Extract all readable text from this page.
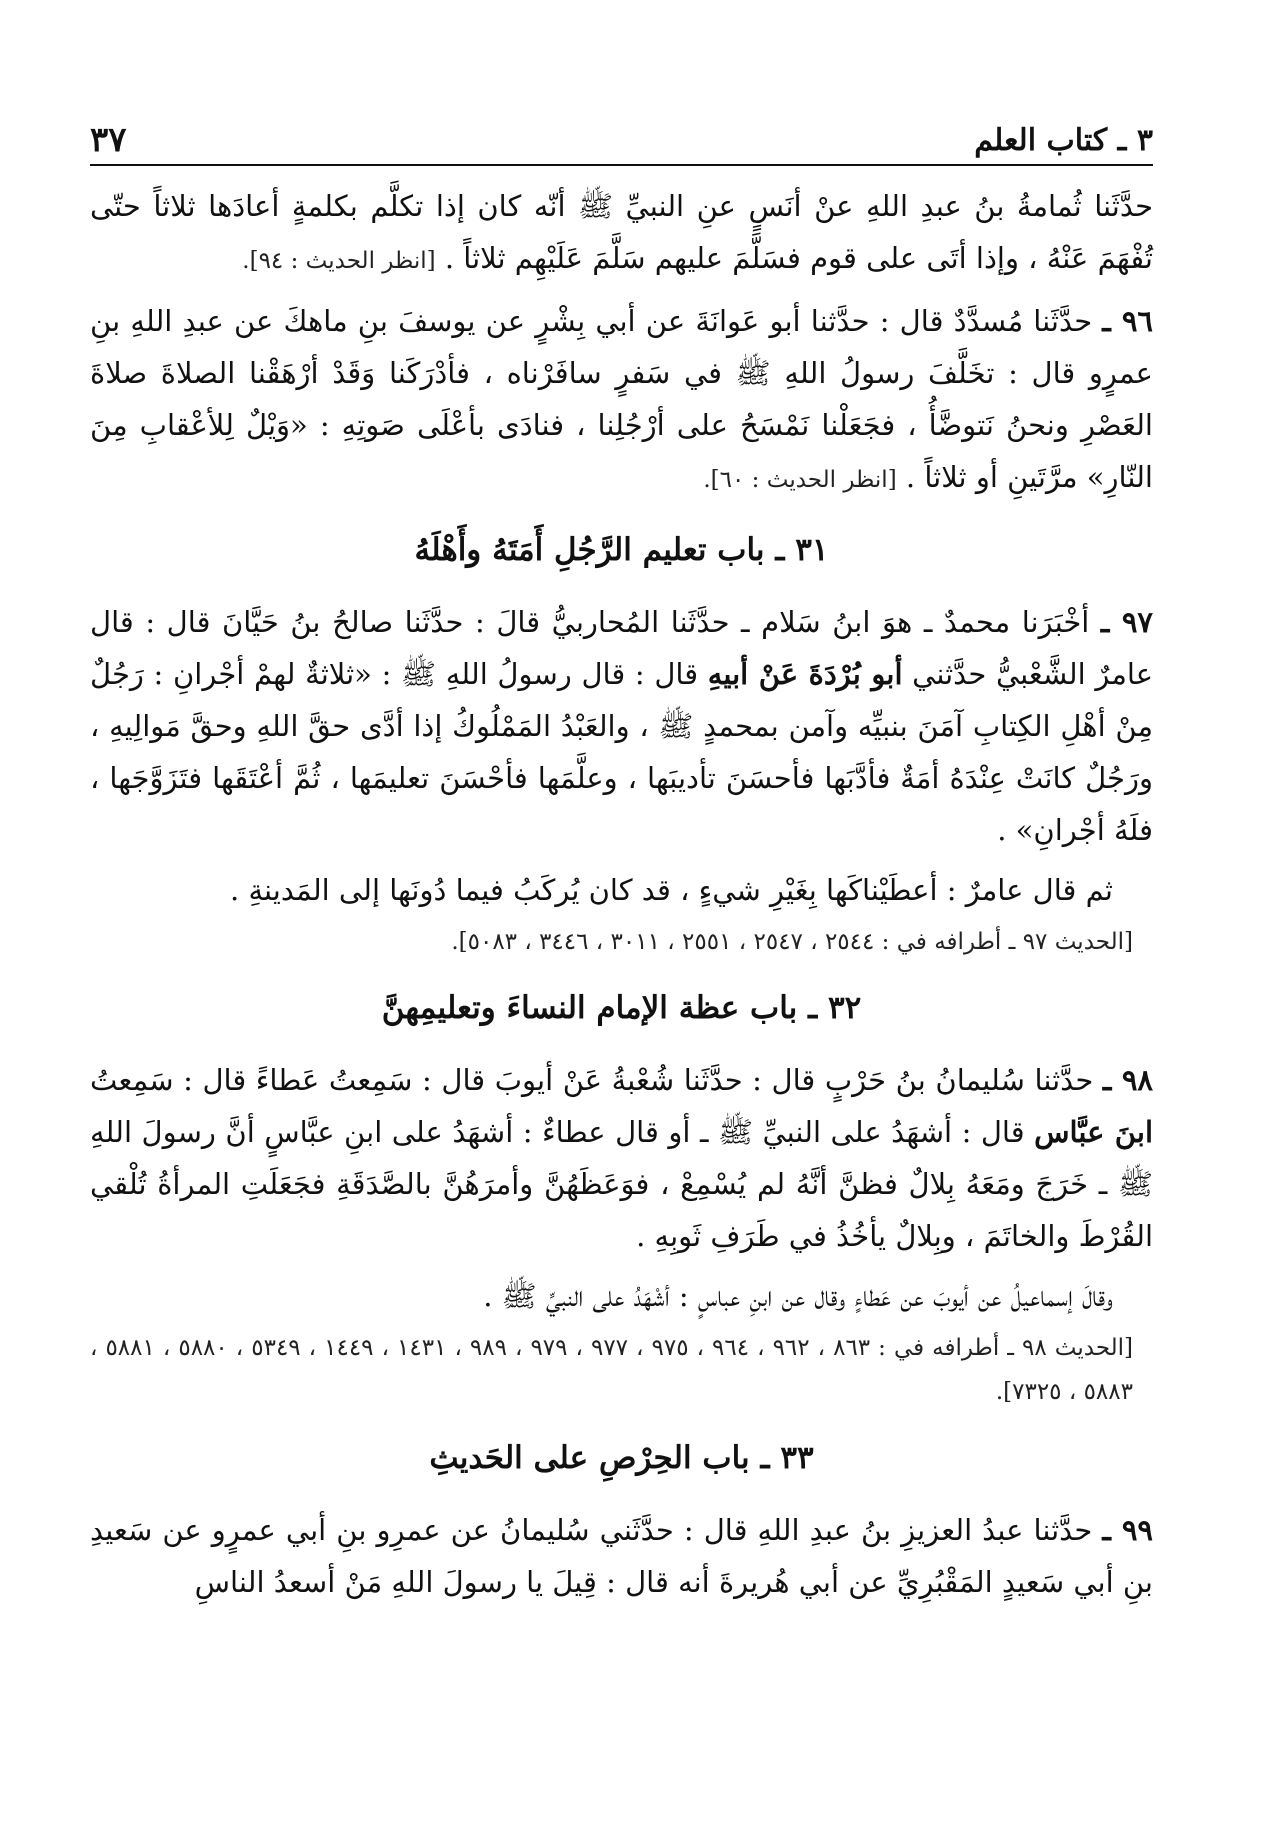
٣ ـ كتاب العلم
٣٧

حدَّثَنا ثُمامةُ بنُ عبدِ اللهِ عنْ أنَسٍ عنِ النبيِّ ﷺ أنّه كان إذا تكلَّم بكلمةٍ أعادَها ثلاثاً حتّى تُفْهَمَ عَنْهُ ، وإذا أتَى على قوم فسَلَّمَ عليهم سَلَّمَ عَلَيْهِم ثلاثاً . [انظر الحديث : ٩٤].

٩٦ ـ حدَّثَنا مُسدَّدٌ قال : حدَّثنا أبو عَوانَةَ عن أبي بِشْرٍ عن يوسفَ بنِ ماهكَ عن عبدِ اللهِ بنِ عمرٍو قال : تخَلَّفَ رسولُ اللهِ ﷺ في سَفرٍ سافَرْناه ، فأدْرَكَنا وَقَدْ أرْهَقْنا الصلاةَ صلاةَ العَصْرِ ونحنُ نَتوضَّأُ ، فجَعَلْنا نَمْسَحُ على أرْجُلِنا ، فنادَى بأعْلَى صَوتِهِ : «وَيْلٌ لِلأعْقابِ مِنَ النّارِ» مرَّتَينِ أو ثلاثاً . [انظر الحديث : ٦٠].

٣١ ـ باب تعليم الرَّجُلِ أَمَتَهُ وأَهْلَهُ

٩٧ ـ أخْبَرَنا محمدٌ ـ هوَ ابنُ سَلام ـ حدَّثَنا المُحاربيُّ قالَ : حدَّثَنا صالحُ بنُ حَيَّانَ قال : قال عامرٌ الشَّعْبيُّ حدَّثني أبو بُرْدَةَ عَنْ أبيهِ قال : قال رسولُ اللهِ ﷺ : «ثلاثةٌ لهمْ أجْرانِ : رَجُلٌ مِنْ أهْلِ الكِتابِ آمَنَ بنبيِّه وآمن بمحمدٍ ﷺ ، والعَبْدُ المَمْلُوكُ إذا أدَّى حقَّ اللهِ وحقَّ مَوالِيهِ ، ورَجُلٌ كانَتْ عِنْدَهُ أمَةٌ فأدَّبَها فأحسَنَ تأديبَها ، وعلَّمَها فأحْسَنَ تعليمَها ، ثُمَّ أعْتَقَها فتَزَوَّجَها ، فلَهُ أجْرانِ» .

ثم قال عامرٌ : أعطَيْناكَها بِغَيْرِ شيءٍ ، قد كان يُركَبُ فيما دُونَها إلى المَدينةِ .

[الحديث ٩٧ ـ أطرافه في : ٢٥٤٤ ، ٢٥٤٧ ، ٢٥٥١ ، ٣٠١١ ، ٣٤٤٦ ، ٥٠٨٣].

٣٢ ـ باب عظة الإمام النساءَ وتعليمِهنَّ

٩٨ ـ حدَّثنا سُليمانُ بنُ حَرْبٍ قال : حدَّثَنا شُعْبةُ عَنْ أيوبَ قال : سَمِعتُ عَطاءً قال : سَمِعتُ ابنَ عبَّاس قال : أشهَدُ على النبيِّ ﷺ ـ أو قال عطاءٌ : أشهَدُ على ابنِ عبَّاسٍ أنَّ رسولَ اللهِ ﷺ ـ خَرَجَ ومَعَهُ بِلالٌ فظنَّ أنَّهُ لم يُسْمِعْ ، فوَعَظَهُنَّ وأمرَهُنَّ بالصَّدَقَةِ فجَعَلَتِ المرأةُ تُلْقي القُرْطَ والخاتَمَ ، وبِلالٌ يأخُذُ في طَرَفِ ثَوبِهِ .

وقالَ إسماعيلُ عن أيوبَ عن عَطاءٍ وقال عن ابنِ عباسٍ : أشْهَدُ على النبيِّ ﷺ .

[الحديث ٩٨ ـ أطرافه في : ٨٦٣ ، ٩٦٢ ، ٩٦٤ ، ٩٧٥ ، ٩٧٧ ، ٩٧٩ ، ٩٨٩ ، ١٤٣١ ، ١٤٤٩ ، ٥٣٤٩ ، ٥٨٨٠ ، ٥٨٨١ ، ٥٨٨٣ ، ٧٣٢٥].

٣٣ ـ باب الحِرْصِ على الحَديثِ

٩٩ ـ حدَّثنا عبدُ العزيزِ بنُ عبدِ اللهِ قال : حدَّثَني سُليمانُ عن عمرِو بنِ أبي عمرٍو عن سَعيدِ بنِ أبي سَعيدٍ المَقْبُرِيِّ عن أبي هُريرةَ أنه قال : قِيلَ يا رسولَ اللهِ مَنْ أسعدُ الناسِ
